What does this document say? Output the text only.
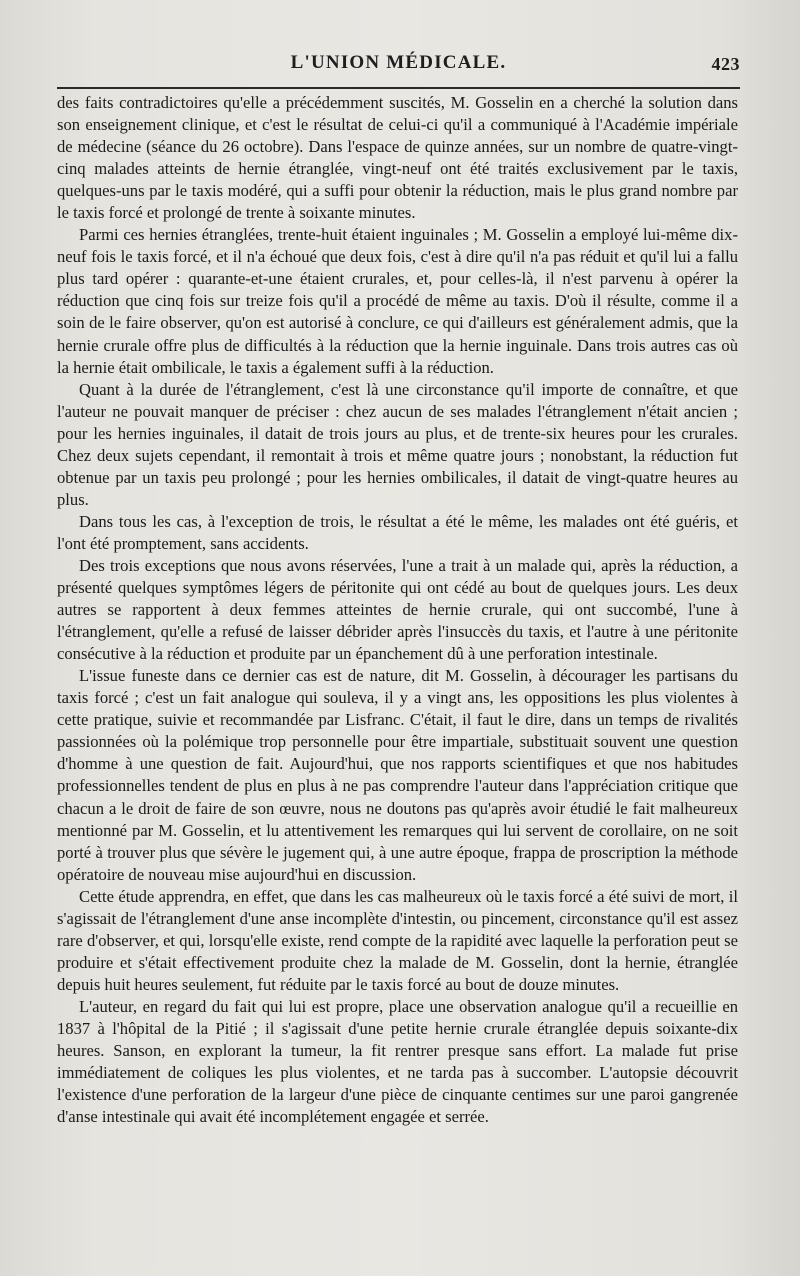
L'UNION MÉDICALE.	423

des faits contradictoires qu'elle a précédemment suscités, M. Gosselin en a cherché la solution dans son enseignement clinique, et c'est le résultat de celui-ci qu'il a communiqué à l'Académie impériale de médecine (séance du 26 octobre). Dans l'espace de quinze années, sur un nombre de quatre-vingt-cinq malades atteints de hernie étranglée, vingt-neuf ont été traités exclusivement par le taxis, quelques-uns par le taxis modéré, qui a suffi pour obtenir la réduction, mais le plus grand nombre par le taxis forcé et prolongé de trente à soixante minutes.

Parmi ces hernies étranglées, trente-huit étaient inguinales ; M. Gosselin a employé lui-même dix-neuf fois le taxis forcé, et il n'a échoué que deux fois, c'est à dire qu'il n'a pas réduit et qu'il lui a fallu plus tard opérer : quarante-et-une étaient crurales, et, pour celles-là, il n'est parvenu à opérer la réduction que cinq fois sur treize fois qu'il a procédé de même au taxis. D'où il résulte, comme il a soin de le faire observer, qu'on est autorisé à conclure, ce qui d'ailleurs est généralement admis, que la hernie crurale offre plus de difficultés à la réduction que la hernie inguinale. Dans trois autres cas où la hernie était ombilicale, le taxis a également suffi à la réduction.

Quant à la durée de l'étranglement, c'est là une circonstance qu'il importe de connaître, et que l'auteur ne pouvait manquer de préciser : chez aucun de ses malades l'étranglement n'était ancien ; pour les hernies inguinales, il datait de trois jours au plus, et de trente-six heures pour les crurales. Chez deux sujets cependant, il remontait à trois et même quatre jours ; nonobstant, la réduction fut obtenue par un taxis peu prolongé ; pour les hernies ombilicales, il datait de vingt-quatre heures au plus.

Dans tous les cas, à l'exception de trois, le résultat a été le même, les malades ont été guéris, et l'ont été promptement, sans accidents.

Des trois exceptions que nous avons réservées, l'une a trait à un malade qui, après la réduction, a présenté quelques symptômes légers de péritonite qui ont cédé au bout de quelques jours. Les deux autres se rapportent à deux femmes atteintes de hernie crurale, qui ont succombé, l'une à l'étranglement, qu'elle a refusé de laisser débrider après l'insuccès du taxis, et l'autre à une péritonite consécutive à la réduction et produite par un épanchement dû à une perforation intestinale.

L'issue funeste dans ce dernier cas est de nature, dit M. Gosselin, à décourager les partisans du taxis forcé ; c'est un fait analogue qui souleva, il y a vingt ans, les oppositions les plus violentes à cette pratique, suivie et recommandée par Lisfranc. C'était, il faut le dire, dans un temps de rivalités passionnées où la polémique trop personnelle pour être impartiale, substituait souvent une question d'homme à une question de fait. Aujourd'hui, que nos rapports scientifiques et que nos habitudes professionnelles tendent de plus en plus à ne pas comprendre l'auteur dans l'appréciation critique que chacun a le droit de faire de son œuvre, nous ne doutons pas qu'après avoir étudié le fait malheureux mentionné par M. Gosselin, et lu attentivement les remarques qui lui servent de corollaire, on ne soit porté à trouver plus que sévère le jugement qui, à une autre époque, frappa de proscription la méthode opératoire de nouveau mise aujourd'hui en discussion.

Cette étude apprendra, en effet, que dans les cas malheureux où le taxis forcé a été suivi de mort, il s'agissait de l'étranglement d'une anse incomplète d'intestin, ou pincement, circonstance qu'il est assez rare d'observer, et qui, lorsqu'elle existe, rend compte de la rapidité avec laquelle la perforation peut se produire et s'était effectivement produite chez la malade de M. Gosselin, dont la hernie, étranglée depuis huit heures seulement, fut réduite par le taxis forcé au bout de douze minutes.

L'auteur, en regard du fait qui lui est propre, place une observation analogue qu'il a recueillie en 1837 à l'hôpital de la Pitié ; il s'agissait d'une petite hernie crurale étranglée depuis soixante-dix heures. Sanson, en explorant la tumeur, la fit rentrer presque sans effort. La malade fut prise immédiatement de coliques les plus violentes, et ne tarda pas à succomber. L'autopsie découvrit l'existence d'une perforation de la largeur d'une pièce de cinquante centimes sur une paroi gangrenée d'anse intestinale qui avait été incomplétement engagée et serrée.
